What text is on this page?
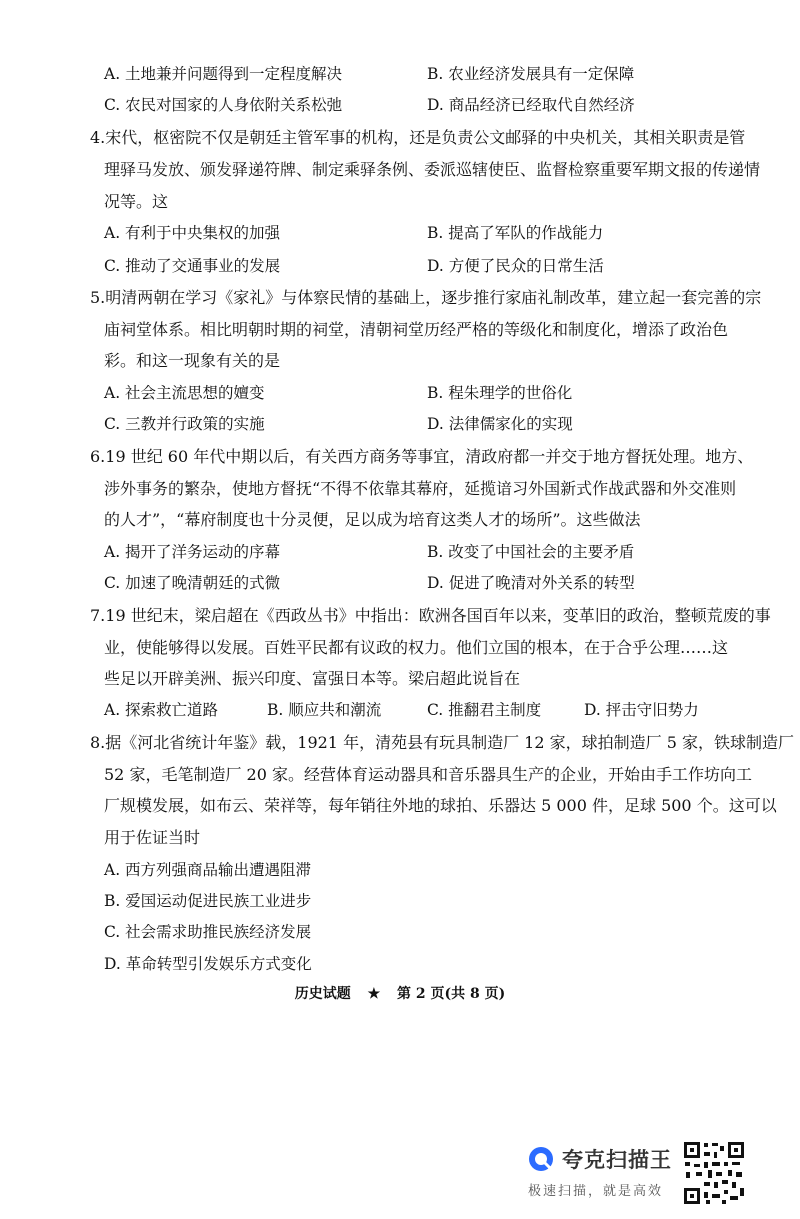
A. 土地兼并问题得到一定程度解决	B. 农业经济发展具有一定保障
C. 农民对国家的人身依附关系松弛	D. 商品经济已经取代自然经济
4.宋代，枢密院不仅是朝廷主管军事的机构，还是负责公文邮驿的中央机关，其相关职责是管
理驿马发放、颁发驿递符牌、制定乘驿条例、委派巡辖使臣、监督检察重要军期文报的传递情
况等。这
A. 有利于中央集权的加强	B. 提高了军队的作战能力
C. 推动了交通事业的发展	D. 方便了民众的日常生活
5.明清两朝在学习《家礼》与体察民情的基础上，逐步推行家庙礼制改革，建立起一套完善的宗
庙祠堂体系。相比明朝时期的祠堂，清朝祠堂历经严格的等级化和制度化，增添了政治色
彩。和这一现象有关的是
A. 社会主流思想的嬗变	B. 程朱理学的世俗化
C. 三教并行政策的实施	D. 法律儒家化的实现
6.19 世纪 60 年代中期以后，有关西方商务等事宜，清政府都一并交于地方督抚处理。地方、
涉外事务的繁杂，使地方督抚“不得不依靠其幕府，延揽谙习外国新式作战武器和外交准则
的人才”，“幕府制度也十分灵便，足以成为培育这类人才的场所”。这些做法
A. 揭开了洋务运动的序幕	B. 改变了中国社会的主要矛盾
C. 加速了晚清朝廷的式微	D. 促进了晚清对外关系的转型
7.19 世纪末，梁启超在《西政丛书》中指出：欧洲各国百年以来，变革旧的政治，整顿荒废的事
业，使能够得以发展。百姓平民都有议政的权力。他们立国的根本，在于合乎公理……这
些足以开辟美洲、振兴印度、富强日本等。梁启超此说旨在
A. 探索救亡道路	B. 顺应共和潮流	C. 推翻君主制度	D. 抨击守旧势力
8.据《河北省统计年鉴》载，1921 年，清苑县有玩具制造厂 12 家，球拍制造厂 5 家，铁球制造厂
52 家，毛笔制造厂 20 家。经营体育运动器具和音乐器具生产的企业，开始由手工作坊向工
厂规模发展，如布云、荣祥等，每年销往外地的球拍、乐器达 5 000 件，足球 500 个。这可以
用于佐证当时
A. 西方列强商品输出遭遇阻滞
B. 爱国运动促进民族工业进步
C. 社会需求助推民族经济发展
D. 革命转型引发娱乐方式变化
历史试题 ★ 第 2 页(共 8 页)
夸克扫描王
极速扫描，就是高效
